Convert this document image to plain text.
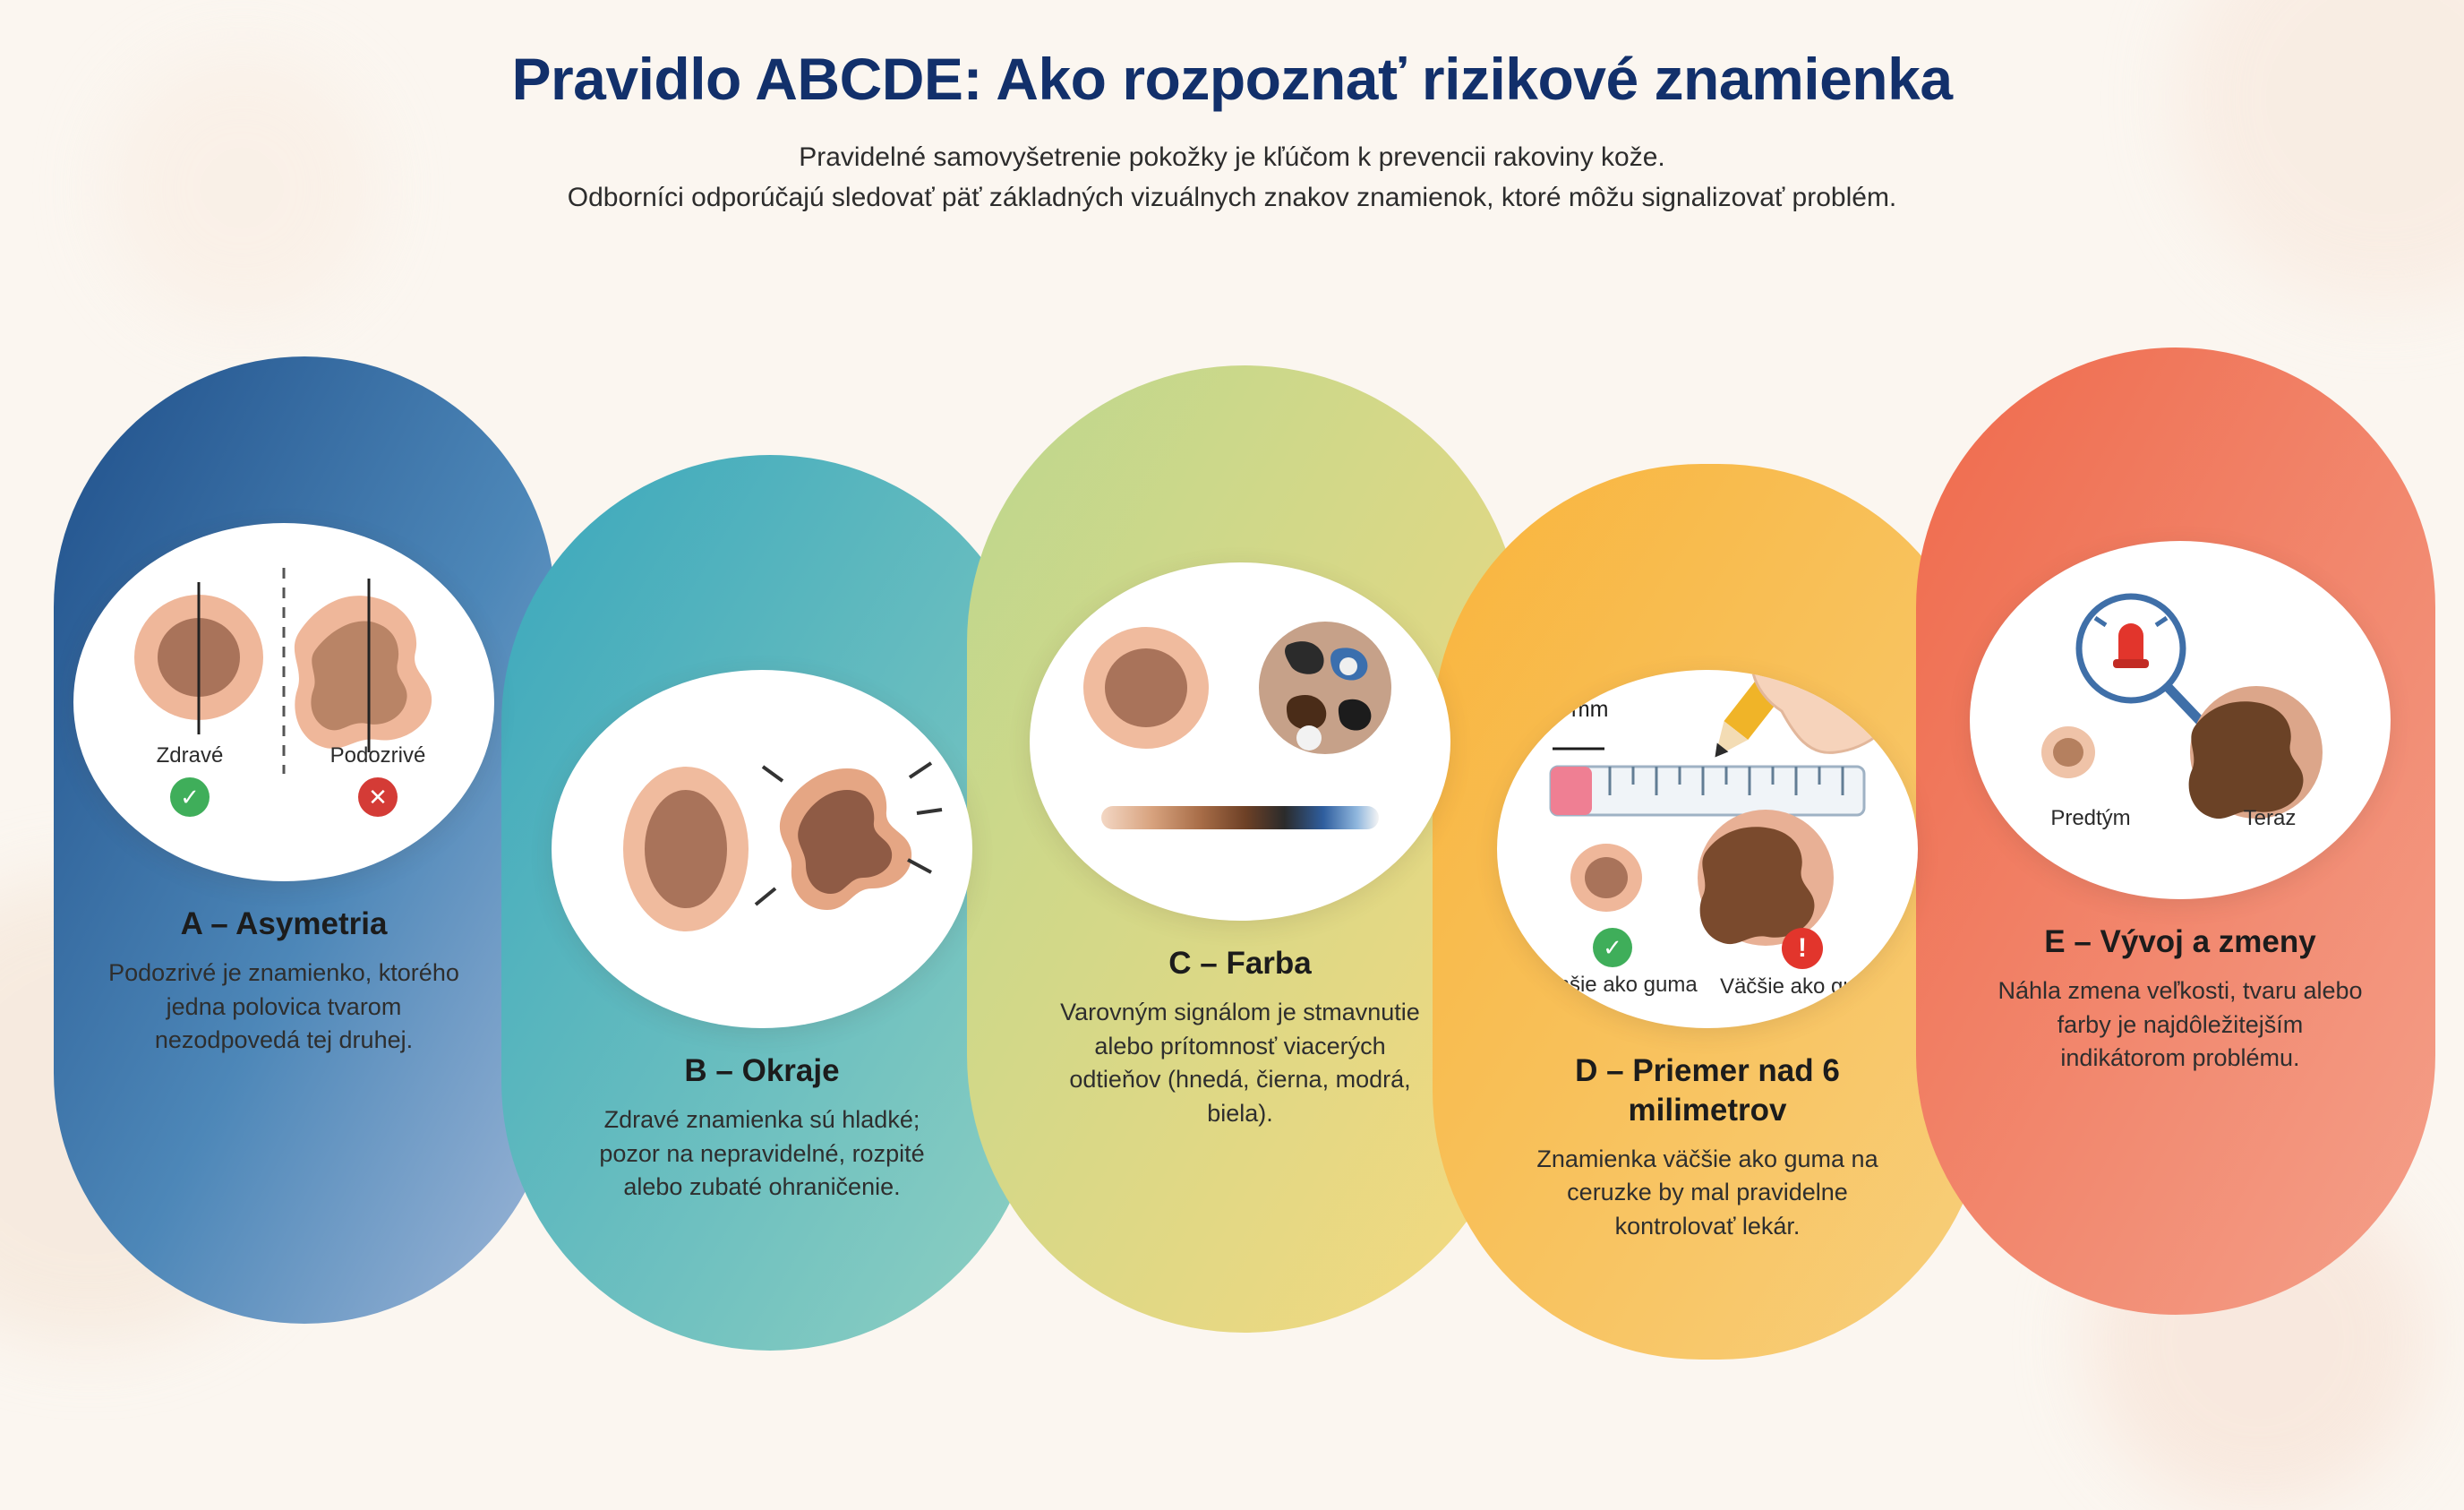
Pravidlo ABCDE: Ako rozpoznať rizikové znamienka
Pravidelné samovyšetrenie pokožky je kľúčom k prevencii rakoviny kože.
Odborníci odporúčajú sledovať päť základných vizuálnych znakov znamienok, ktoré môžu signalizovať problém.
Zdravé
✓
Podozrivé
✕
A – Asymetria
Podozrivé je znamienko, ktorého jedna polovica tvarom nezodpovedá tej druhej.
B – Okraje
Zdravé znamienka sú hladké; pozor na nepravidelné, rozpité alebo zubaté ohraničenie.
C – Farba
Varovným signálom je stmavnutie alebo prítomnosť viacerých odtieňov (hnedá, čierna, modrá, biela).
6 mm
✓
Menšie ako guma
!
Väčšie ako guma
D – Priemer nad 6 milimetrov
Znamienka väčšie ako guma na ceruzke by mal pravidelne kontrolovať lekár.
Predtým	Teraz
E – Vývoj a zmeny
Náhla zmena veľkosti, tvaru alebo farby je najdôležitejším indikátorom problému.
